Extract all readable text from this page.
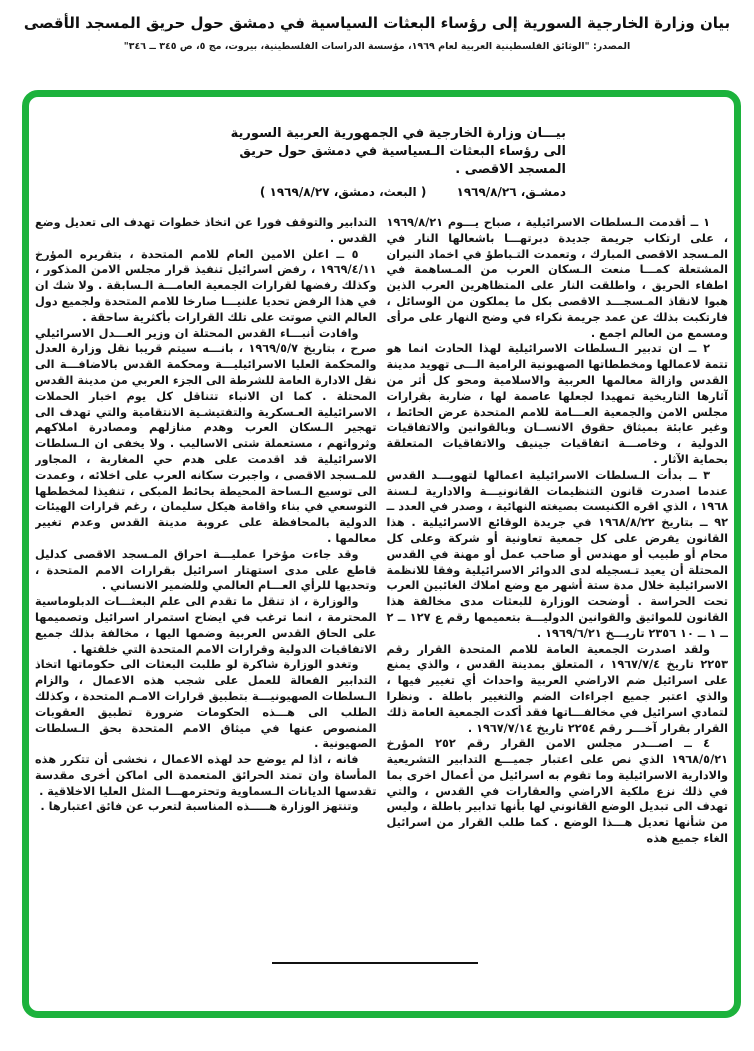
بيان وزارة الخارجية السورية إلى رؤساء البعثات السياسية في دمشق حول حريق المسجد الأقصى
المصدر: "الوثائق الفلسطينية العربية لعام ١٩٦٩، مؤسسة الدراسات الفلسطينية، بيروت، مج ٥، ص ٣٤٥ ــ ٣٤٦"
بيـــان وزارة الخارجية في الجمهورية العربية السورية
الى رؤساء البعثات الـسياسية في دمشق حول حريق
المسجد الاقصى .
دمشـق، ١٩٦٩/٨/٢٦ ( البعث، دمشق، ١٩٦٩/٨/٢٧ )

١ ــ أقدمت الـسلطات الاسرائيلية ، صباح يـــوم ١٩٦٩/٨/٢١ ، على ارتكاب جريمة جديدة دبرتهـــا باشعالها النار في المـسجد الاقصى المبارك ، وتعمدت التـباطؤ في اخماد النيران المشتعلة كمـــا منعت الـسكان العرب من المـساهمة في اطفاء الحريق ، واطلقت النار على المتظاهرين العرب الذين هبوا لانقاذ المـسجـــد الاقصى بكل ما يملكون من الوسائل ، فارتكبت بذلك عن عمد جريمة نكراء في وضح النهار على مرأى ومسمع من العالم اجمع .

٢ ــ ان تدبير الـسلطات الاسرائيلية لهذا الحادث انما هو تتمة لاعمالها ومخططاتها الصهيونية الرامية الـــى تهويد مدينة القدس وازالة معالمها العربية والاسلامية ومحو كل أثر من آثارها التاريخية تمهيدا لجعلها عاصمة لها ، ضاربة بقرارات مجلس الامن والجمعية العـــامة للامم المتحدة عرض الحائط ، وغير عابئة بميثاق حقوق الانســان وبالقوانين والاتفاقيات الدولية ، وخاصـــة اتفاقيات جينيف والاتفاقيات المتعلقة بحماية الآثار .

٣ ــ بدأت الـسلطات الاسرائيلية اعمالها لتهويـــد القدس عندما اصدرت قانون التنظيمات القانونيـــة والادارية لـسنة ١٩٦٨ ، الذي اقره الكنيست بصيغته النهائية ، وصدر في العدد ــ ٩٢ ــ بتاريخ ١٩٦٨/٨/٢٢ في جريدة الوقائع الاسرائيلية . هذا القانون يفرض على كل جمعية تعاونية أو شركة وعلى كل محام أو طبيب أو مهندس أو صاحب عمل أو مهنة في القدس المحتلة أن يعيد تـسجيله لدى الدوائر الاسرائيلية وفقا للانظمة الاسرائيلية خلال مدة ستة أشهر مع وضع املاك الغائبين العرب تحت الحراسة . أوضحت الوزارة للبعثات مدى مخالفة هذا القانون للمواثيق والقوانين الدوليـــة بتعميمها رقم ع ١٢٧ ــ ٢ ــ ١ ــ ١٠ ٢٣٥٦ تاريـــخ ١٩٦٩/٦/٢١ .

ولقد اصدرت الجمعية العامة للامم المتحدة القرار رقم ٢٢٥٣ تاريخ ١٩٦٧/٧/٤ ، المتعلق بمدينة القدس ، والذي يمنع على اسرائيل ضم الاراضي العربية واحداث أي تغيير فيها ، والذي اعتبر جميع اجراءات الضم والتغيير باطلة . ونظرا لتمادي اسرائيل في مخالفـــاتها فقد أكدت الجمعية العامة ذلك القرار بقرار آخـــر رقم ٢٢٥٤ تاريخ ١٩٦٧/٧/١٤ .

٤ ــ اصـــدر مجلس الامن القرار رقم ٢٥٢ المؤرخ ١٩٦٨/٥/٢١ الذي نص على اعتبار جميـــع التدابير التشريعية والادارية الاسرائيلية وما تقوم به اسرائيل من أعمال اخرى بما في ذلك نزع ملكية الاراضي والعقارات في القدس ، والتي تهدف الى تبديل الوضع القانوني لها بأنها تدابير باطلة ، وليس من شأنها تعديل هـــذا الوضع . كما طلب القرار من اسرائيل الغاء جميع هذه

التدابير والتوقف فورا عن اتخاذ خطوات تهدف الى تعديل وضع القدس .

٥ ــ اعلن الامين العام للامم المتحدة ، بتقريره المؤرخ ١٩٦٩/٤/١١ ، رفض اسرائيل تنفيذ قرار مجلس الامن المذكور ، وكذلك رفضها لقرارات الجمعية العامـــة الـسابقة . ولا شك ان في هذا الرفض تحديا علنيـــا صارخا للامم المتحدة ولجميع دول العالم التي صوتت على تلك القرارات بأكثرية ساحقة .

وافادت أنبـــاء القدس المحتلة ان وزير العـــدل الاسرائيلي صرح ، بتاريخ ١٩٦٩/٥/٧ ، بانـــه سيتم قريبا نقل وزارة العدل والمحكمة العليا الاسرائيليـــة ومحكمة القدس بالاضافـــة الى نقل الادارة العامة للشرطة الى الجزء العربي من مدينة القدس المحتلة . كما ان الانباء تتناقل كل يوم اخبار الحملات الاسرائيلية العـسكرية والتفتيشـية الانتقامية والتي تهدف الى تهجير الـسكان العرب وهدم منازلهم ومصادرة املاكهم وثرواتهم ، مستعملة شتى الاساليب . ولا يخفى ان الـسلطات الاسرائيلية قد اقدمت على هدم حي المغاربة ، المجاور للمـسجد الاقصى ، واجبرت سكانه العرب على اخلائه ، وعمدت الى توسيع الـساحة المحيطة بحائط المبكى ، تنفيذا لمخططها التوسعي في بناء واقامة هيكل سليمان ، رغم قرارات الهيئات الدولية بالمحافظة على عروبة مدينة القدس وعدم تغيير معالمها .

وقد جاءت مؤخرا عمليـــة احراق المـسجد الاقصى كدليل قاطع على مدى استهتار اسرائيل بقرارات الامم المتحدة ، وتحديها للرأي العـــام العالمي وللضمير الانساني .

والوزارة ، اذ تنقل ما تقدم الى علم البعثـــات الدبلوماسية المحترمة ، انما ترغب في ايضاح استمرار اسرائيل وتصميمها على الحاق القدس العربية وضمها اليها ، مخالفة بذلك جميع الاتفاقيات الدولية وقرارات الامم المتحدة التي خلقتها .

وتغدو الوزارة شاكرة لو طلبت البعثات الى حكوماتها اتخاذ التدابير الفعالة للعمل على شجب هذه الاعمال ، والزام الـسلطات الصهيونيـــة بتطبيق قرارات الامـم المتحدة ، وكذلك الطلب الى هـــذه الحكومات ضرورة تطبيق العقوبات المنصوص عنها في ميثاق الامم المتحدة بحق الـسلطات الصهيونية .

فانه ، اذا لم يوضع حد لهذه الاعمال ، نخشى أن تتكرر هذه المأساة وان تمتد الحرائق المتعمدة الى اماكن أخرى مقدسة تقدسها الديانات الـسماوية وتحترمهـــا المثل العليا الاخلاقية .

وتنتهز الوزارة هـــــذه المناسبة لتعرب عن فائق اعتبارها .
